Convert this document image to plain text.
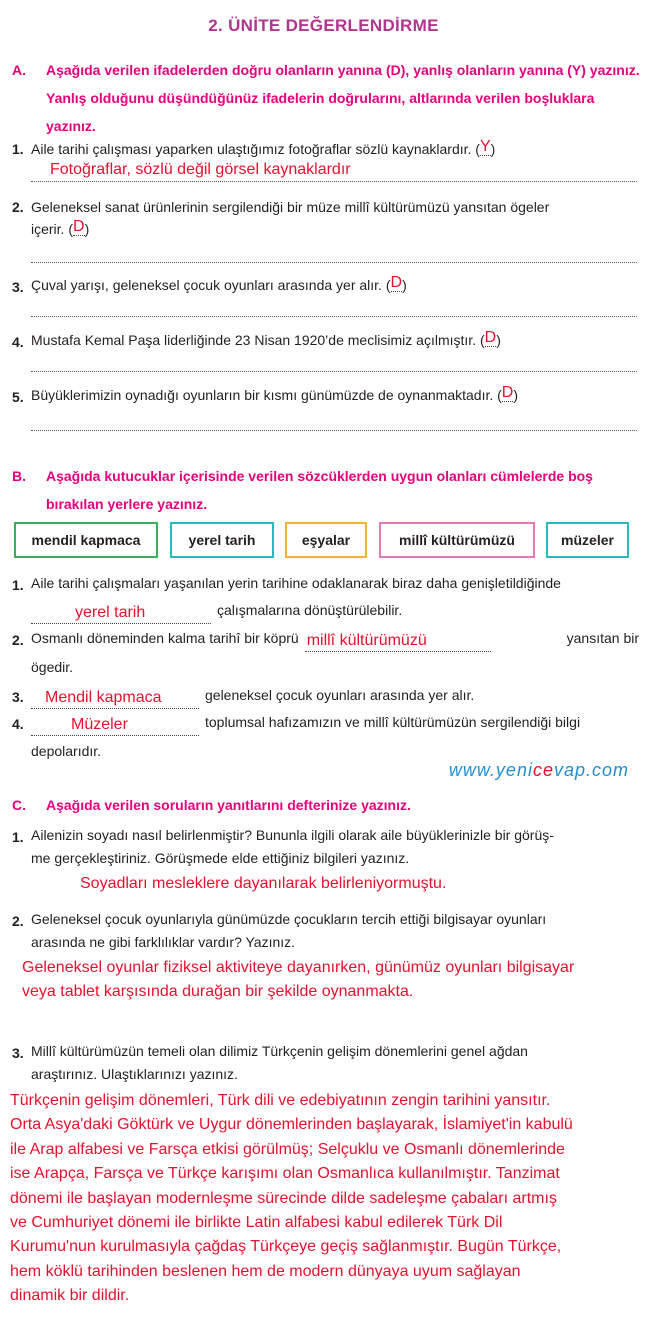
2. ÜNİTE DEĞERLENDİRME
A. Aşağıda verilen ifadelerden doğru olanların yanına (D), yanlış olanların yanına (Y) yazınız. Yanlış olduğunu düşündüğünüz ifadelerin doğrularını, altlarında verilen boşluklara yazınız.
1. Aile tarihi çalışması yaparken ulaştığımız fotoğraflar sözlü kaynaklardır. (Y)
Fotoğraflar, sözlü değil görsel kaynaklardır
2. Geleneksel sanat ürünlerinin sergilendiği bir müze millî kültürümüzü yansıtan ögeler
içerir. (D)
3. Çuval yarışı, geleneksel çocuk oyunları arasında yer alır. (D)
4. Mustafa Kemal Paşa liderliğinde 23 Nisan 1920’de meclisimiz açılmıştır. (D)
5. Büyüklerimizin oynadığı oyunların bir kısmı günümüzde de oynanmaktadır. (D)
B. Aşağıda kutucuklar içerisinde verilen sözcüklerden uygun olanları cümlelerde boş bırakılan yerlere yazınız.
mendil kapmaca	yerel tarih	eşyalar	millî kültürümüzü	müzeler
1. Aile tarihi çalışmaları yaşanılan yerin tarihine odaklanarak biraz daha genişletildiğinde
yerel tarih	çalışmalarına dönüştürülebilir.
2. Osmanlı döneminden kalma tarihî bir köprü millî kültürümüzü	yansıtan bir
ögedir.
3. Mendil kapmaca	geleneksel çocuk oyunları arasında yer alır.
4.	Müzeler	toplumsal hafızamızın ve millî kültürümüzün sergilendiği bilgi
depolarıdır.
www.yenicevap.com
C. Aşağıda verilen soruların yanıtlarını defterinize yazınız.
1. Ailenizin soyadı nasıl belirlenmiştir? Bununla ilgili olarak aile büyüklerinizle bir görüş-
me gerçekleştiriniz. Görüşmede elde ettiğiniz bilgileri yazınız.
Soyadları mesleklere dayanılarak belirleniyormuştu.
2. Geleneksel çocuk oyunlarıyla günümüzde çocukların tercih ettiği bilgisayar oyunları
arasında ne gibi farklılıklar vardır? Yazınız.
Geleneksel oyunlar fiziksel aktiviteye dayanırken, günümüz oyunları bilgisayar
veya tablet karşısında durağan bir şekilde oynanmakta.
3. Millî kültürümüzün temeli olan dilimiz Türkçenin gelişim dönemlerini genel ağdan
araştırınız. Ulaştıklarınızı yazınız.
Türkçenin gelişim dönemleri, Türk dili ve edebiyatının zengin tarihini yansıtır.
Orta Asya'daki Göktürk ve Uygur dönemlerinden başlayarak, İslamiyet'in kabulü
ile Arap alfabesi ve Farsça etkisi görülmüş; Selçuklu ve Osmanlı dönemlerinde
ise Arapça, Farsça ve Türkçe karışımı olan Osmanlıca kullanılmıştır. Tanzimat
dönemi ile başlayan modernleşme sürecinde dilde sadeleşme çabaları artmış
ve Cumhuriyet dönemi ile birlikte Latin alfabesi kabul edilerek Türk Dil
Kurumu'nun kurulmasıyla çağdaş Türkçeye geçiş sağlanmıştır. Bugün Türkçe,
hem köklü tarihinden beslenen hem de modern dünyaya uyum sağlayan
dinamik bir dildir.
